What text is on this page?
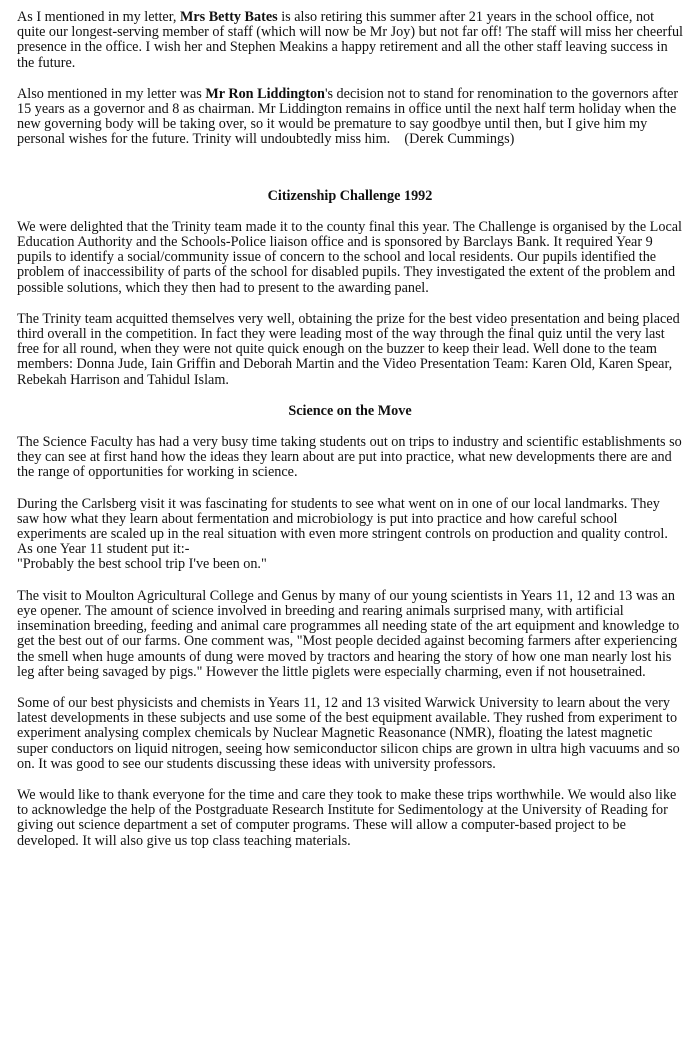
As I mentioned in my letter, Mrs Betty Bates is also retiring this summer after 21 years in the school office, not quite our longest-serving member of staff (which will now be Mr Joy) but not far off! The staff will miss her cheerful presence in the office. I wish her and Stephen Meakins a happy retirement and all the other staff leaving success in the future.

Also mentioned in my letter was Mr Ron Liddington's decision not to stand for renomination to the governors after 15 years as a governor and 8 as chairman. Mr Liddington remains in office until the next half term holiday when the new governing body will be taking over, so it would be premature to say goodbye until then, but I give him my personal wishes for the future. Trinity will undoubtedly miss him. (Derek Cummings)

Citizenship Challenge 1992

We were delighted that the Trinity team made it to the county final this year. The Challenge is organised by the Local Education Authority and the Schools-Police liaison office and is sponsored by Barclays Bank. It required Year 9 pupils to identify a social/community issue of concern to the school and local residents. Our pupils identified the problem of inaccessibility of parts of the school for disabled pupils. They investigated the extent of the problem and possible solutions, which they then had to present to the awarding panel.

The Trinity team acquitted themselves very well, obtaining the prize for the best video presentation and being placed third overall in the competition. In fact they were leading most of the way through the final quiz until the very last free for all round, when they were not quite quick enough on the buzzer to keep their lead. Well done to the team members: Donna Jude, Iain Griffin and Deborah Martin and the Video Presentation Team: Karen Old, Karen Spear, Rebekah Harrison and Tahidul Islam.

Science on the Move

The Science Faculty has had a very busy time taking students out on trips to industry and scientific establishments so they can see at first hand how the ideas they learn about are put into practice, what new developments there are and the range of opportunities for working in science.

During the Carlsberg visit it was fascinating for students to see what went on in one of our local landmarks. They saw how what they learn about fermentation and microbiology is put into practice and how careful school experiments are scaled up in the real situation with even more stringent controls on production and quality control. As one Year 11 student put it:-
"Probably the best school trip I've been on."

The visit to Moulton Agricultural College and Genus by many of our young scientists in Years 11, 12 and 13 was an eye opener. The amount of science involved in breeding and rearing animals surprised many, with artificial insemination breeding, feeding and animal care programmes all needing state of the art equipment and knowledge to get the best out of our farms. One comment was, "Most people decided against becoming farmers after experiencing the smell when huge amounts of dung were moved by tractors and hearing the story of how one man nearly lost his leg after being savaged by pigs." However the little piglets were especially charming, even if not housetrained.

Some of our best physicists and chemists in Years 11, 12 and 13 visited Warwick University to learn about the very latest developments in these subjects and use some of the best equipment available. They rushed from experiment to experiment analysing complex chemicals by Nuclear Magnetic Reasonance (NMR), floating the latest magnetic super conductors on liquid nitrogen, seeing how semiconductor silicon chips are grown in ultra high vacuums and so on. It was good to see our students discussing these ideas with university professors.

We would like to thank everyone for the time and care they took to make these trips worthwhile. We would also like to acknowledge the help of the Postgraduate Research Institute for Sedimentology at the University of Reading for giving out science department a set of computer programs. These will allow a computer-based project to be developed. It will also give us top class teaching materials.
